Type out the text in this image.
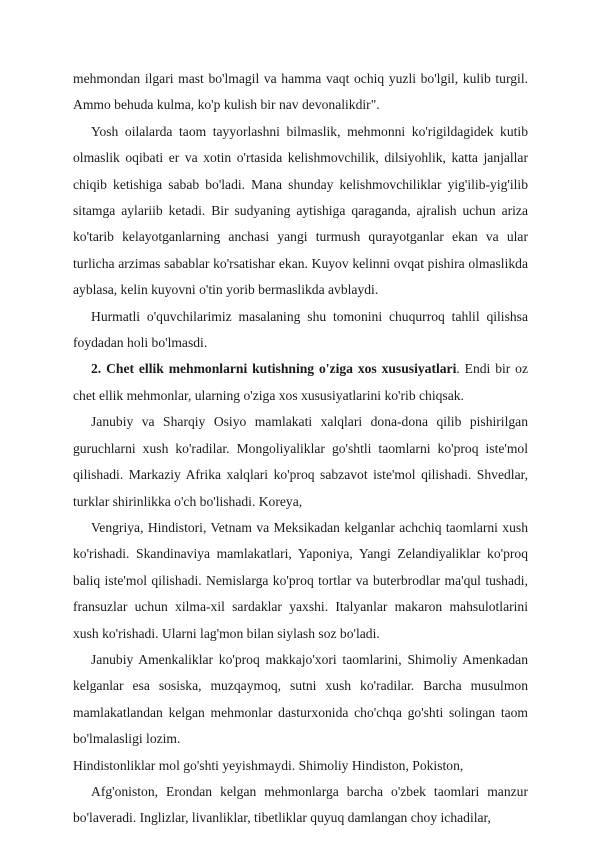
mehmondan ilgari mast bo'lmagil va hamma vaqt ochiq yuzli bo'lgil, kulib turgil. Ammo behuda kulma, ko'p kulish bir nav devonalikdir".

Yosh oilalarda taom tayyorlashni bilmaslik, mehmonni ko'rigildagidek kutib olmaslik oqibati er va xotin o'rtasida kelishmovchilik, dilsiyohlik, katta janjallar chiqib ketishiga sabab bo'ladi. Mana shunday kelishmovchiliklar yig'ilib-yig'ilib sitamga aylariib ketadi. Bir sudyaning aytishiga qaraganda, ajralish uchun ariza ko'tarib kelayotganlarning anchasi yangi turmush qurayotganlar ekan va ular turlicha arzimas sabablar ko'rsatishar ekan. Kuyov kelinni ovqat pishira olmaslikda ayblasa, kelin kuyovni o'tin yorib bermaslikda avblaydi.

Hurmatli o'quvchilarimiz masalaning shu tomonini chuqurroq tahlil qilishsa foydadan holi bo'lmasdi.

2. Chet ellik mehmonlarni kutishning o'ziga xos xususiyatlari. Endi bir oz chet ellik mehmonlar, ularning o'ziga xos xususiyatlarini ko'rib chiqsak.

Janubiy va Sharqiy Osiyo mamlakati xalqlari dona-dona qilib pishirilgan guruchlarni xush ko'radilar. Mongoliyaliklar go'shtli taomlarni ko'proq iste'mol qilishadi. Markaziy Afrika xalqlari ko'proq sabzavot iste'mol qilishadi. Shvedlar, turklar shirinlikka o'ch bo'lishadi. Koreya,

Vengriya, Hindistori, Vetnam va Meksikadan kelganlar achchiq taomlarni xush ko'rishadi. Skandinaviya mamlakatlari, Yaponiya, Yangi Zelandiyaliklar ko'proq baliq iste'mol qilishadi. Nemislarga ko'proq tortlar va buterbrodlar ma'qul tushadi, fransuzlar uchun xilma-xil sardaklar yaxshi. Italyanlar makaron mahsulotlarini xush ko'rishadi. Ularni lag'mon bilan siylash soz bo'ladi.

Janubiy Amenkaliklar ko'proq makkajo'xori taomlarini, Shimoliy Amenkadan kelganlar esa sosiska, muzqaymoq, sutni xush ko'radilar. Barcha musulmon mamlakatlandan kelgan mehmonlar dasturxonida cho'chqa go'shti solingan taom bo'lmalasligi lozim.

Hindistonliklar mol go'shti yeyishmaydi. Shimoliy Hindiston, Pokiston,

Afg'oniston, Erondan kelgan mehmonlarga barcha o'zbek taomlari manzur bo'laveradi. Inglizlar, livanliklar, tibetliklar quyuq damlangan choy ichadilar,
